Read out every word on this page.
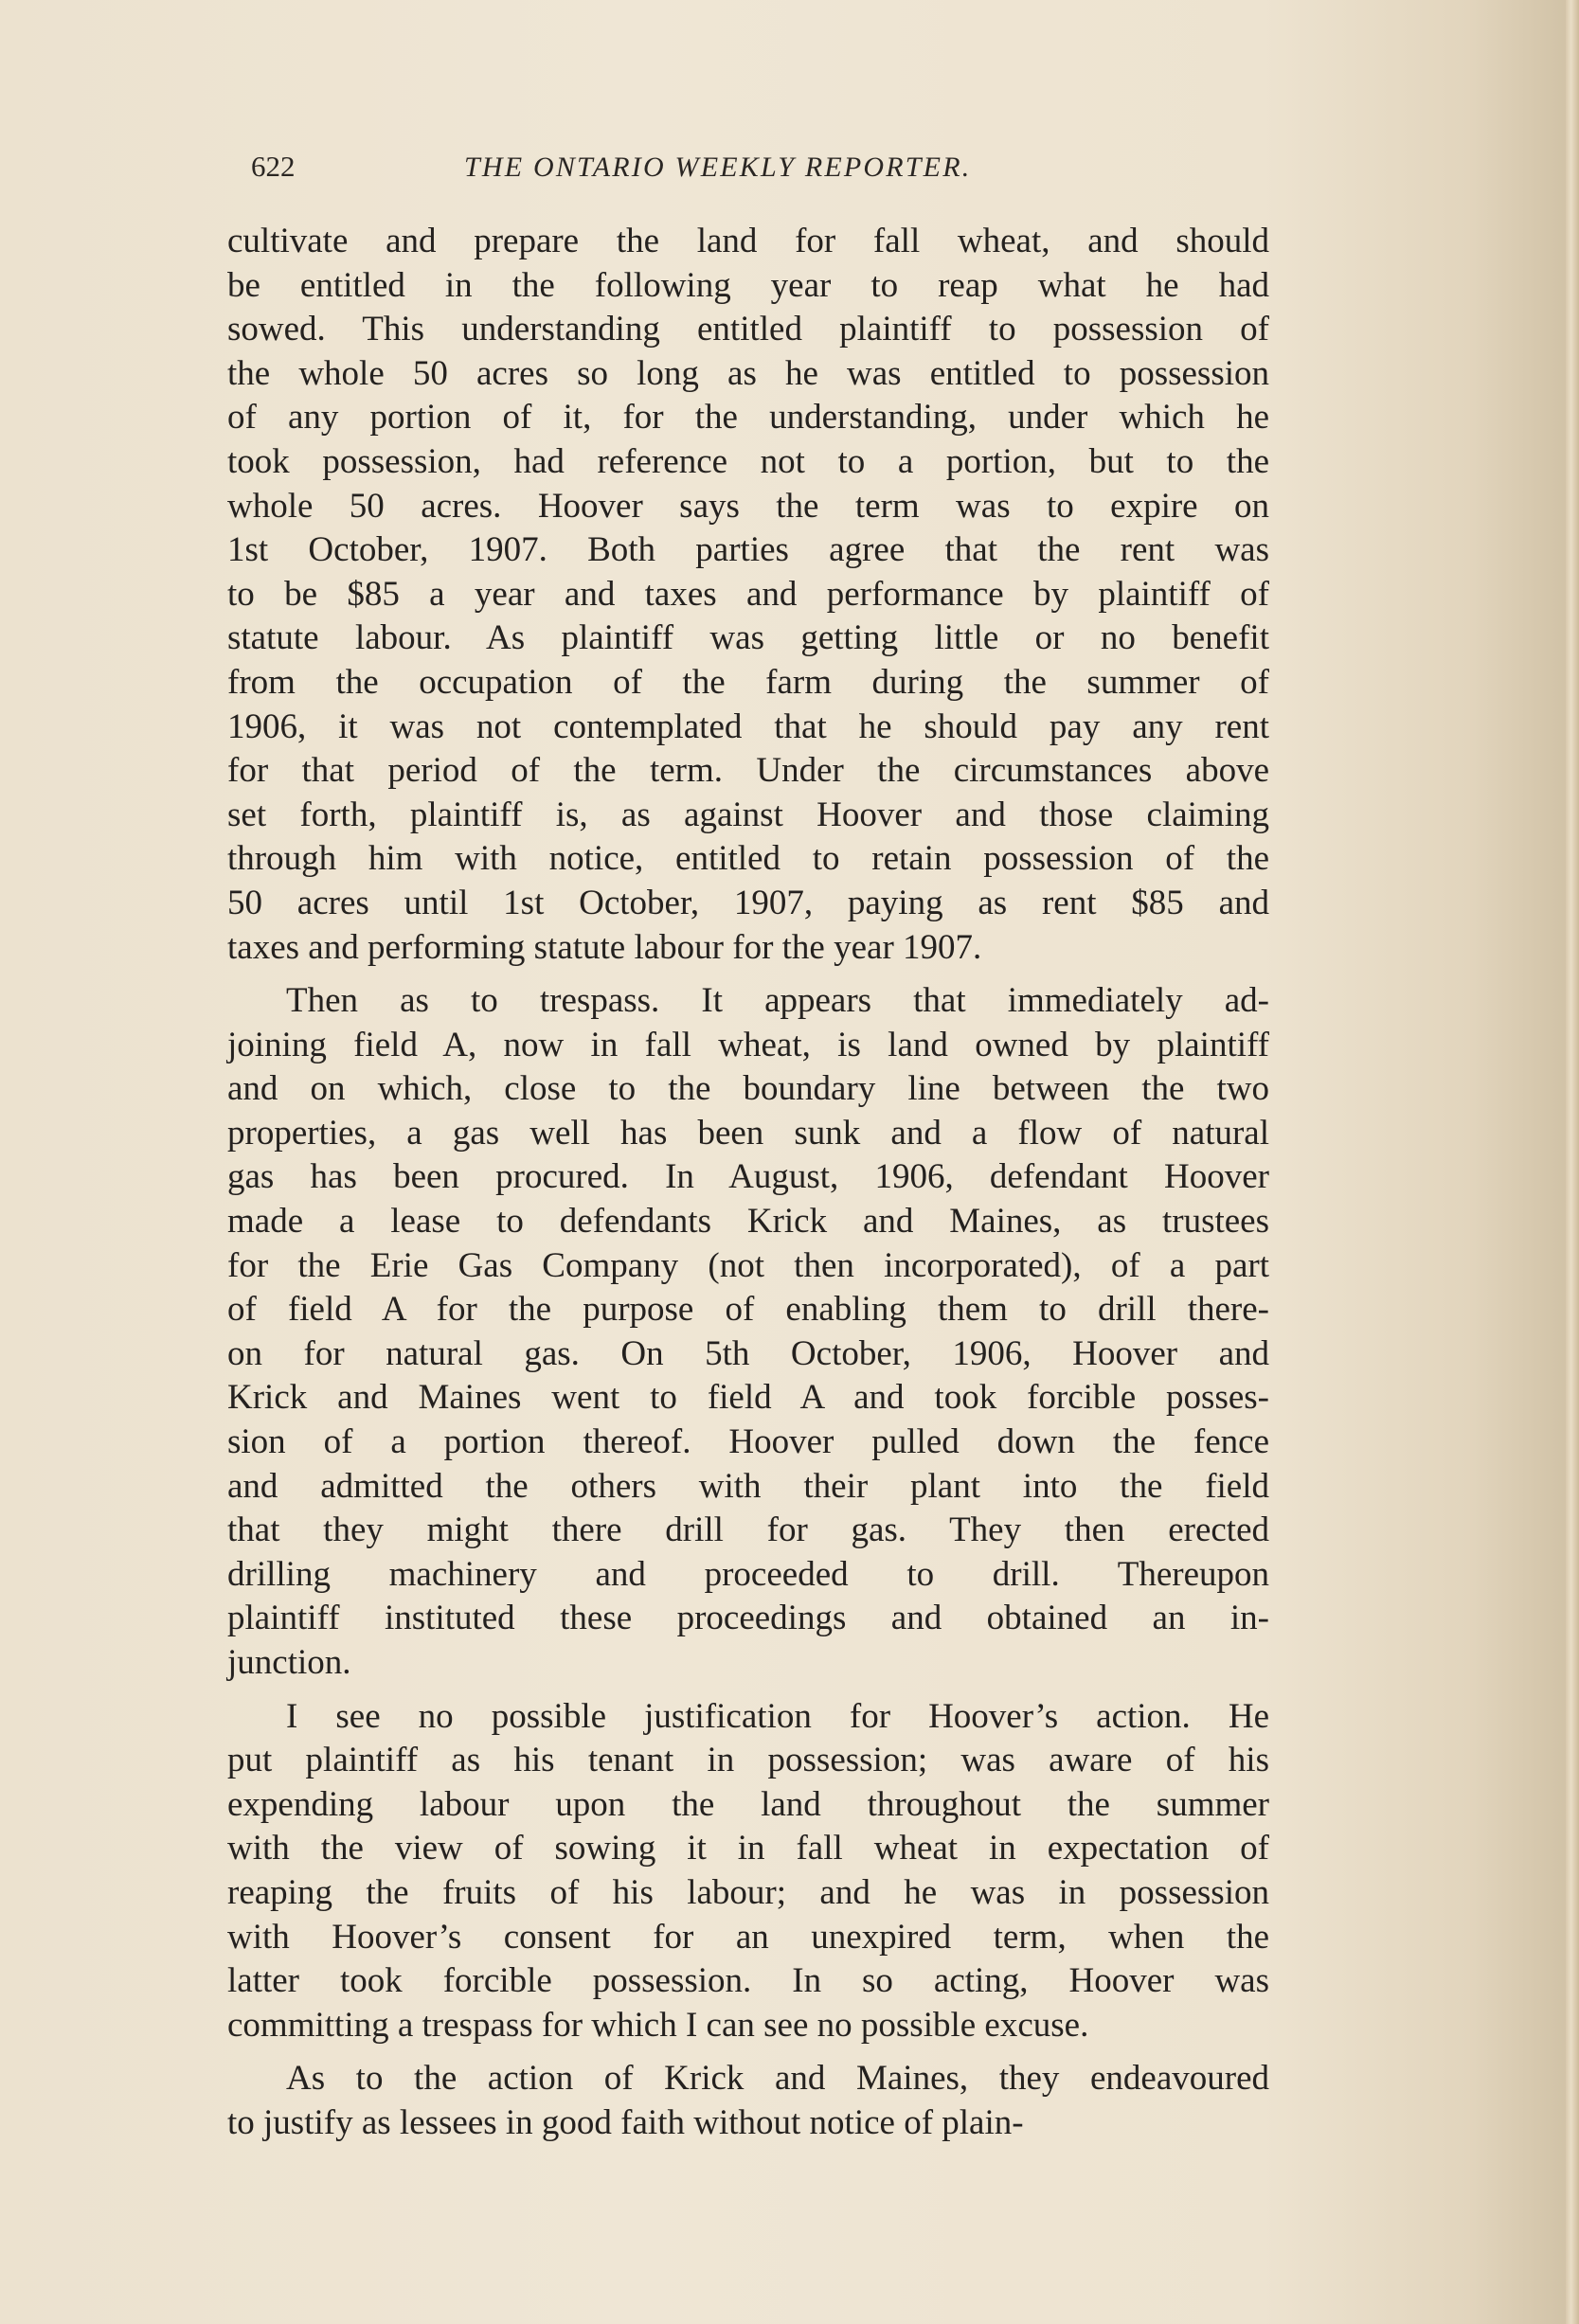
622	THE ONTARIO WEEKLY REPORTER.
cultivate and prepare the land for fall wheat, and should
be entitled in the following year to reap what he had
sowed. This understanding entitled plaintiff to possession of
the whole 50 acres so long as he was entitled to possession
of any portion of it, for the understanding, under which he
took possession, had reference not to a portion, but to the
whole 50 acres. Hoover says the term was to expire on
1st October, 1907. Both parties agree that the rent was
to be $85 a year and taxes and performance by plaintiff of
statute labour. As plaintiff was getting little or no benefit
from the occupation of the farm during the summer of
1906, it was not contemplated that he should pay any rent
for that period of the term. Under the circumstances above
set forth, plaintiff is, as against Hoover and those claiming
through him with notice, entitled to retain possession of the
50 acres until 1st October, 1907, paying as rent $85 and
taxes and performing statute labour for the year 1907.
Then as to trespass. It appears that immediately ad-
joining field A, now in fall wheat, is land owned by plaintiff
and on which, close to the boundary line between the two
properties, a gas well has been sunk and a flow of natural
gas has been procured. In August, 1906, defendant Hoover
made a lease to defendants Krick and Maines, as trustees
for the Erie Gas Company (not then incorporated), of a part
of field A for the purpose of enabling them to drill there-
on for natural gas. On 5th October, 1906, Hoover and
Krick and Maines went to field A and took forcible posses-
sion of a portion thereof. Hoover pulled down the fence
and admitted the others with their plant into the field
that they might there drill for gas. They then erected
drilling machinery and proceeded to drill. Thereupon
plaintiff instituted these proceedings and obtained an in-
junction.
I see no possible justification for Hoover’s action. He
put plaintiff as his tenant in possession; was aware of his
expending labour upon the land throughout the summer
with the view of sowing it in fall wheat in expectation of
reaping the fruits of his labour; and he was in possession
with Hoover’s consent for an unexpired term, when the
latter took forcible possession. In so acting, Hoover was
committing a trespass for which I can see no possible excuse.
As to the action of Krick and Maines, they endeavoured
to justify as lessees in good faith without notice of plain-
